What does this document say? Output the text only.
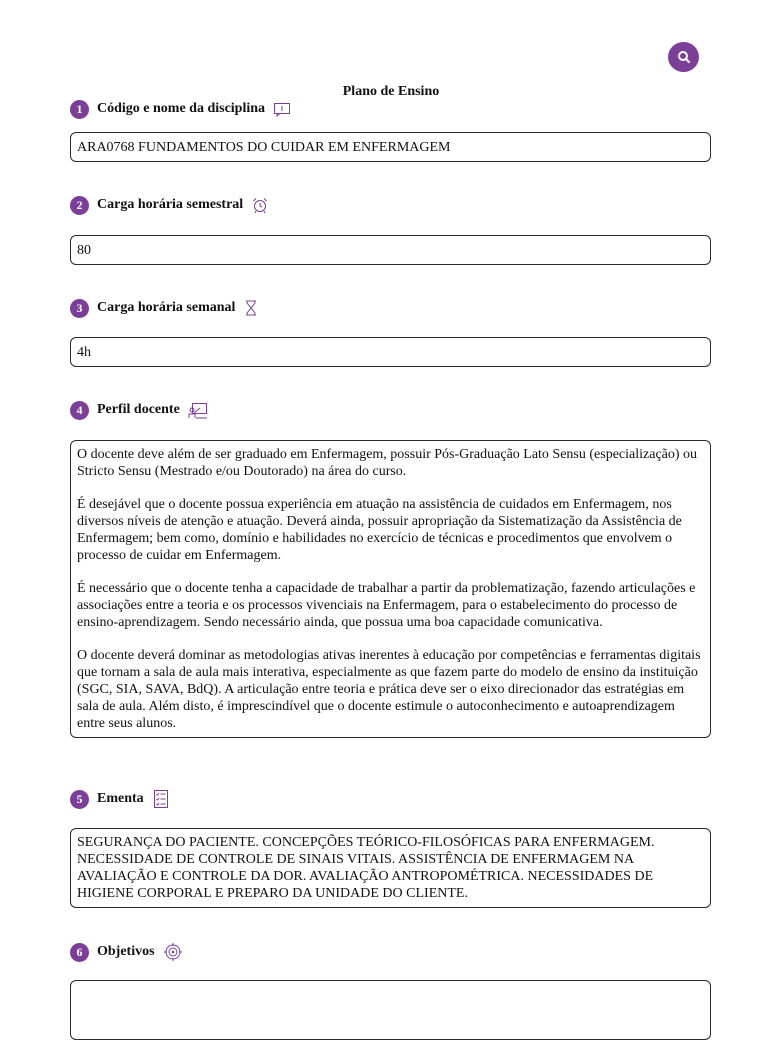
Plano de Ensino
1	Código e nome da disciplina
ARA0768 FUNDAMENTOS DO CUIDAR EM ENFERMAGEM
2	Carga horária semestral
80
3	Carga horária semanal
4h
4	Perfil docente

O docente deve além de ser graduado em Enfermagem, possuir Pós-Graduação Lato Sensu (especialização) ou Stricto Sensu (Mestrado e/ou Doutorado) na área do curso.

É desejável que o docente possua experiência em atuação na assistência de cuidados em Enfermagem, nos diversos níveis de atenção e atuação. Deverá ainda, possuir apropriação da Sistematização da Assistência de Enfermagem; bem como, domínio e habilidades no exercício de técnicas e procedimentos que envolvem o processo de cuidar em Enfermagem.

É necessário que o docente tenha a capacidade de trabalhar a partir da problematização, fazendo articulações e associações entre a teoria e os processos vivenciais na Enfermagem, para o estabelecimento do processo de ensino-aprendizagem. Sendo necessário ainda, que possua uma boa capacidade comunicativa.

O docente deverá dominar as metodologias ativas inerentes à educação por competências e ferramentas digitais que tornam a sala de aula mais interativa, especialmente as que fazem parte do modelo de ensino da instituição (SGC, SIA, SAVA, BdQ). A articulação entre teoria e prática deve ser o eixo direcionador das estratégias em sala de aula. Além disto, é imprescindível que o docente estimule o autoconhecimento e autoaprendizagem entre seus alunos.

5	Ementa
SEGURANÇA DO PACIENTE. CONCEPÇÕES TEÓRICO-FILOSÓFICAS PARA ENFERMAGEM. NECESSIDADE DE CONTROLE DE SINAIS VITAIS. ASSISTÊNCIA DE ENFERMAGEM NA AVALIAÇÃO E CONTROLE DA DOR. AVALIAÇÃO ANTROPOMÉTRICA. NECESSIDADES DE HIGIENE CORPORAL E PREPARO DA UNIDADE DO CLIENTE.
6	Objetivos
